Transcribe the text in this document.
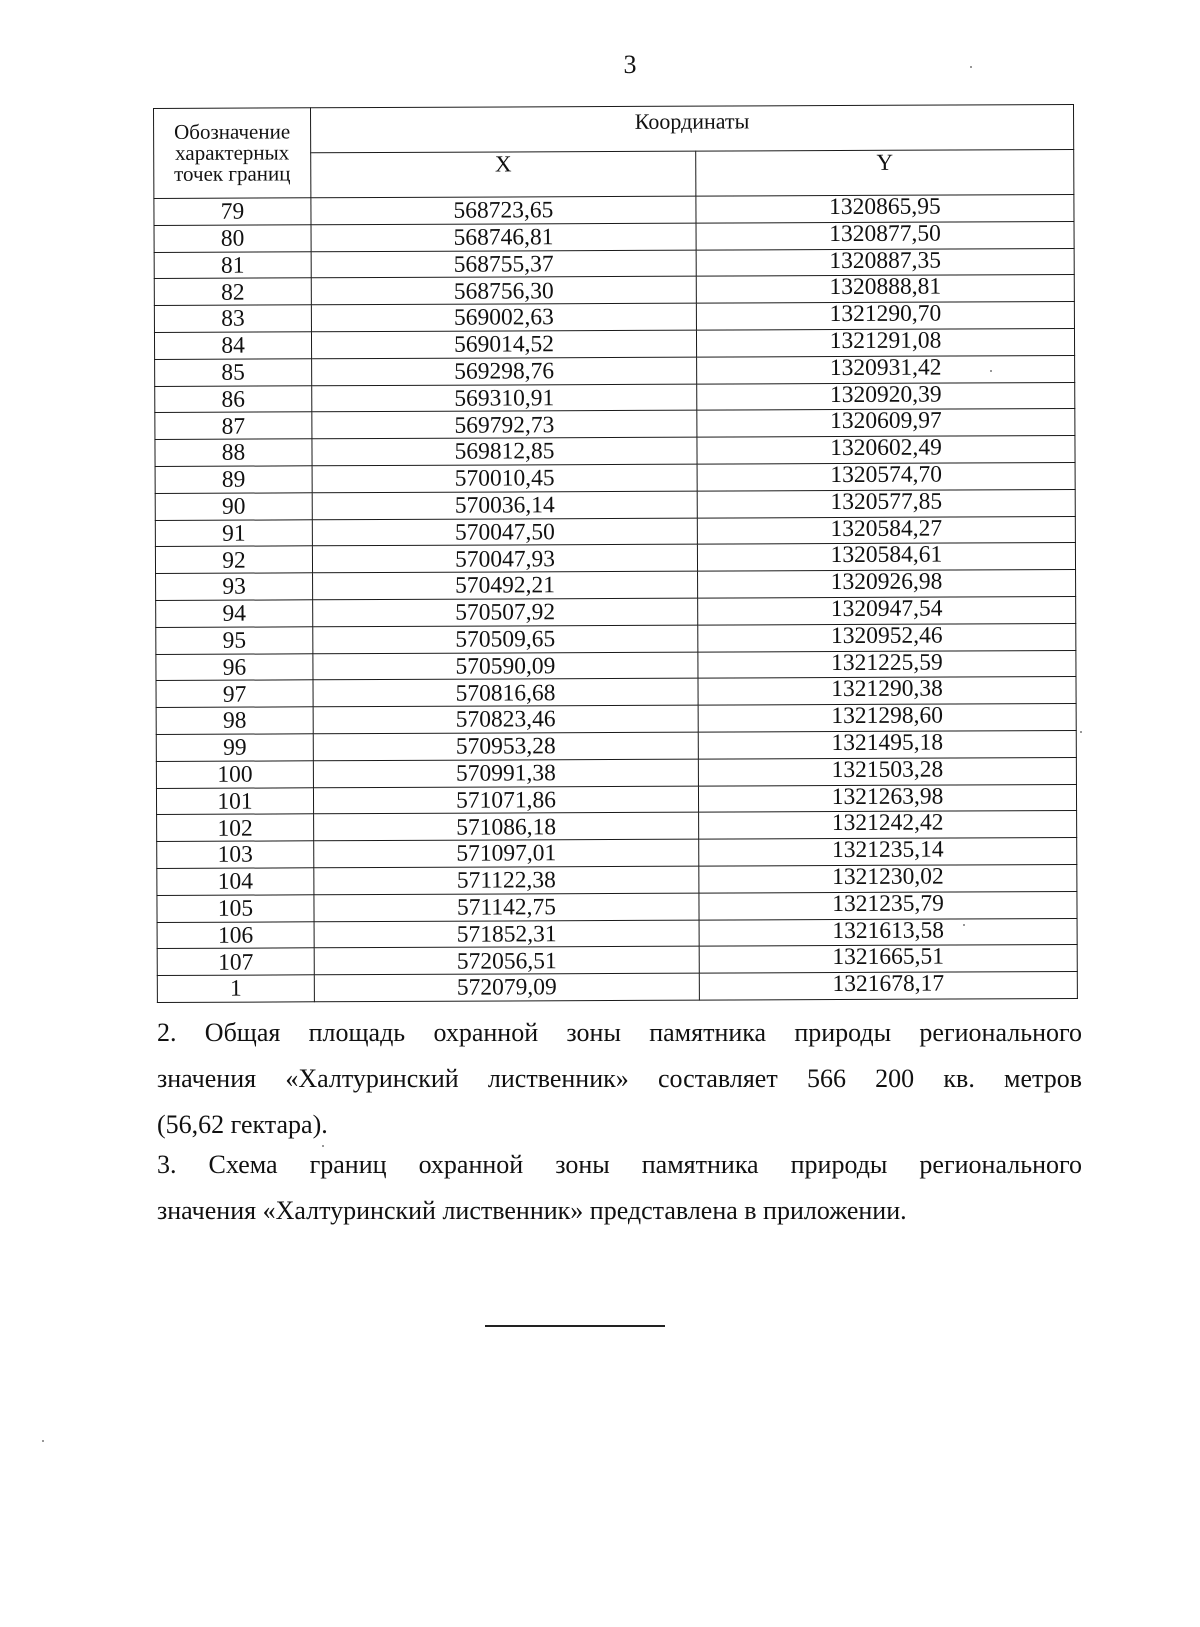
3
Обозначение
характерных
точек границ	Координаты	
	X	Y
79	568723,65	1320865,95
80	568746,81	1320877,50
81	568755,37	1320887,35
82	568756,30	1320888,81
83	569002,63	1321290,70
84	569014,52	1321291,08
85	569298,76	1320931,42
86	569310,91	1320920,39
87	569792,73	1320609,97
88	569812,85	1320602,49
89	570010,45	1320574,70
90	570036,14	1320577,85
91	570047,50	1320584,27
92	570047,93	1320584,61
93	570492,21	1320926,98
94	570507,92	1320947,54
95	570509,65	1320952,46
96	570590,09	1321225,59
97	570816,68	1321290,38
98	570823,46	1321298,60
99	570953,28	1321495,18
100	570991,38	1321503,28
101	571071,86	1321263,98
102	571086,18	1321242,42
103	571097,01	1321235,14
104	571122,38	1321230,02
105	571142,75	1321235,79
106	571852,31	1321613,58
107	572056,51	1321665,51
1	572079,09	1321678,17
2. Общая площадь охранной зоны памятника природы регионального
значения «Халтуринский лиственник» составляет 566 200 кв. метров
(56,62 гектара).
3. Схема границ охранной зоны памятника природы регионального
значения «Халтуринский лиственник» представлена в приложении.
